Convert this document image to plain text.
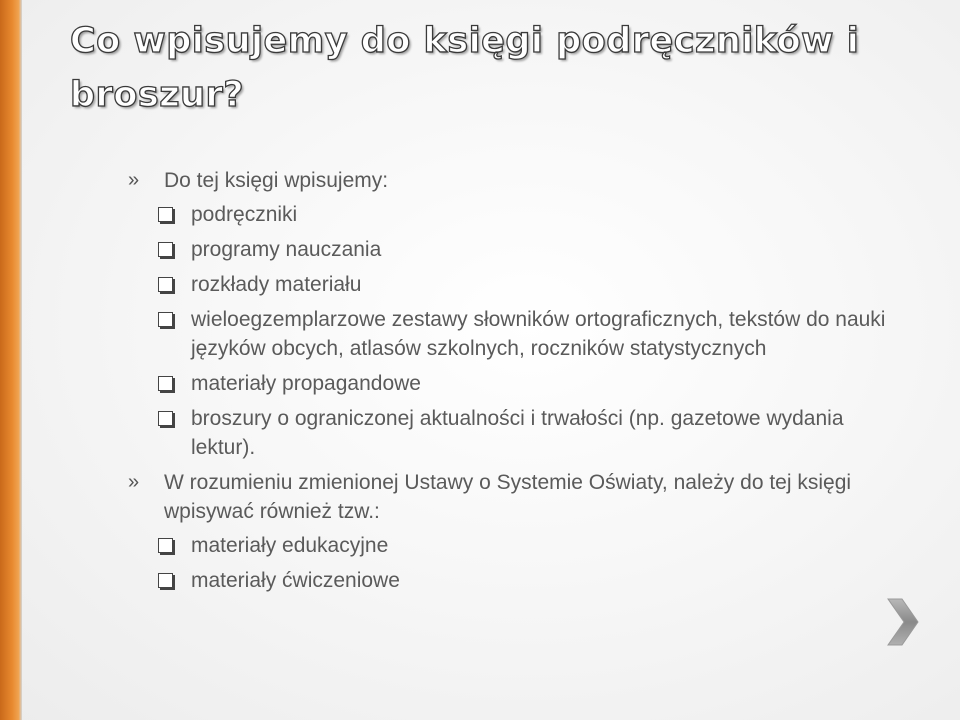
Co wpisujemy do księgi podręczników i broszur?
» Do tej księgi wpisujemy:
podręczniki
programy nauczania
rozkłady materiału
wieloegzemplarzowe zestawy słowników ortograficznych, tekstów do nauki języków obcych, atlasów szkolnych, roczników statystycznych
materiały propagandowe
broszury o ograniczonej aktualności i trwałości (np. gazetowe wydania lektur).
» W rozumieniu zmienionej Ustawy o Systemie Oświaty, należy do tej księgi wpisywać również tzw.:
materiały edukacyjne
materiały ćwiczeniowe
